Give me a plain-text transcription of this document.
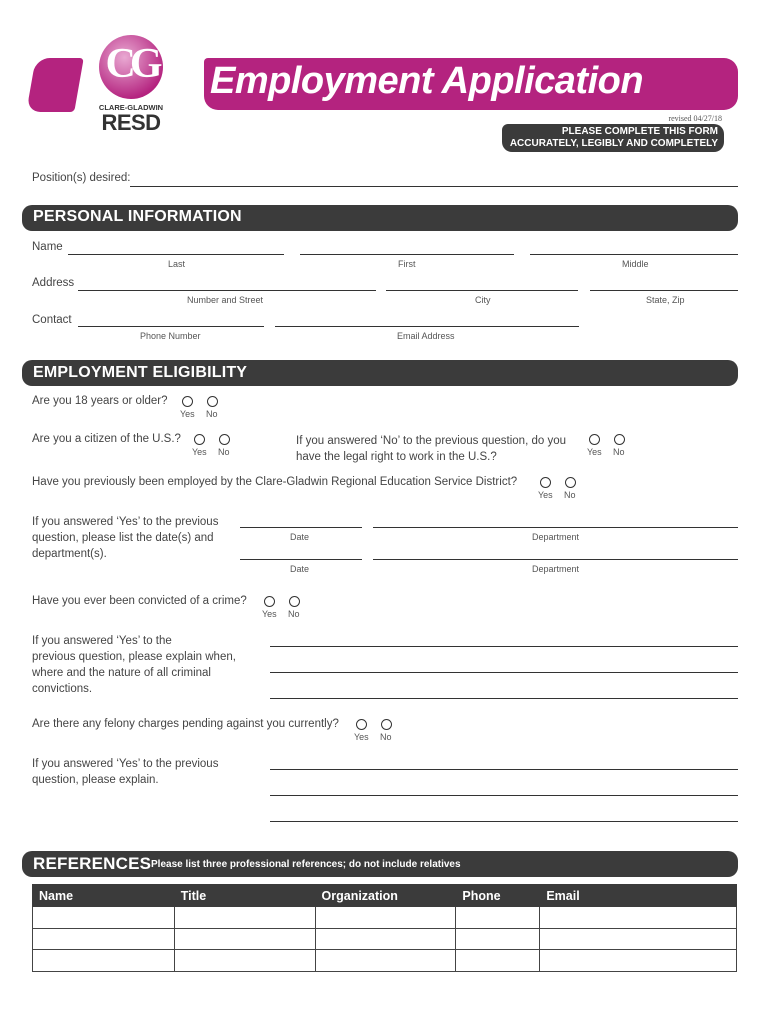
CG
CLARE-GLADWIN
RESD
Employment Application
revised 04/27/18
PLEASE COMPLETE THIS FORM
ACCURATELY, LEGIBLY AND COMPLETELY
Position(s) desired:
PERSONAL INFORMATION
Name
Last	First	Middle
Address
Number and Street	City	State, Zip
Contact
Phone Number	Email Address
EMPLOYMENT ELIGIBILITY
Are you 18 years or older?
Yes No
Are you a citizen of the U.S.?
Yes No
If you answered ‘No’ to the previous question, do you
have the legal right to work in the U.S.?	Yes No
Have you previously been employed by the Clare-Gladwin Regional Education Service District?
Yes No
If you answered ‘Yes’ to the previous
question, please list the date(s) and
department(s).
Date	Department
Date	Department
Have you ever been convicted of a crime?
Yes No
If you answered ‘Yes’ to the
previous question, please explain when,
where and the nature of all criminal
convictions.
Are there any felony charges pending against you currently?
Yes No
If you answered ‘Yes’ to the previous
question, please explain.
REFERENCES Please list three professional references; do not include relatives
Name	Title	Organization	Phone	Email
